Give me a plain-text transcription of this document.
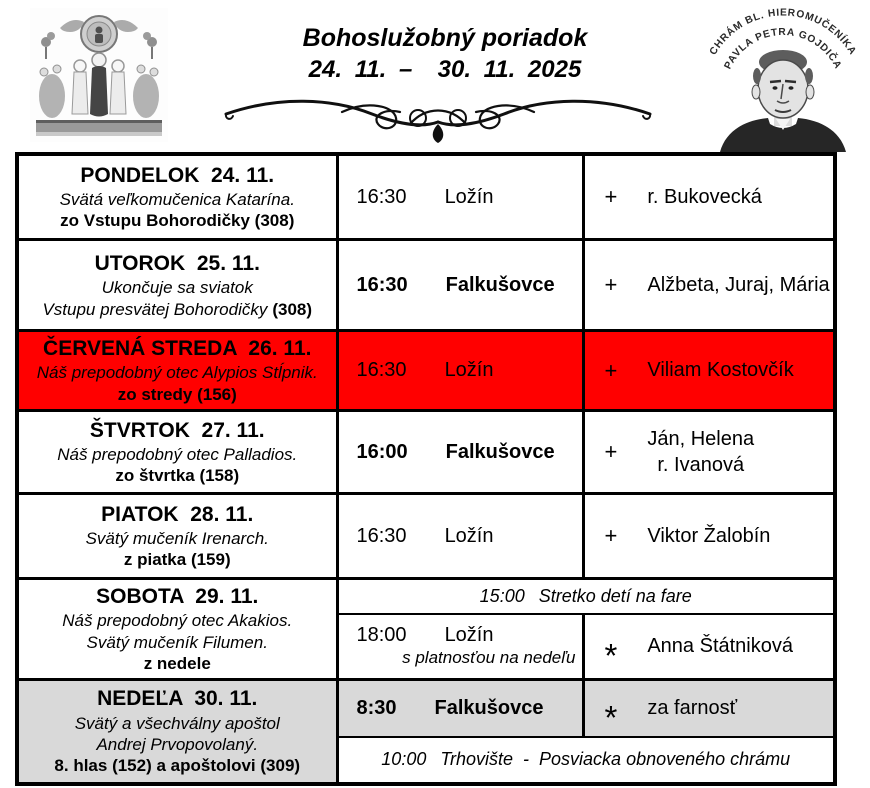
Bohoslužobný poriadok
24. 11. –  30. 11. 2025
CHRÁM BL. HIEROMUČENÍKA
PAVLA PETRA GOJDIČA
PONDELOK  24. 11.
Svätá veľkomučenica Katarína.
zo Vstupu Bohorodičky (308)

16:30 Ložín	+ r. Bukovecká

UTOROK  25. 11.
Ukončuje sa sviatok
Vstupu presvätej Bohorodičky (308)

16:30 Falkušovce	+ Alžbeta, Juraj, Mária

ČERVENÁ STREDA  26. 11.
Náš prepodobný otec Alypios Stĺpnik.
zo stredy (156)

16:30 Ložín	+ Viliam Kostovčík

ŠTVRTOK  27. 11.
Náš prepodobný otec Palladios.
zo štvrtka (158)

16:00 Falkušovce	+ Ján, Helena
r. Ivanová

PIATOK  28. 11.
Svätý mučeník Irenarch.
z piatka (159)

16:30 Ložín	+ Viktor Žalobín

SOBOTA  29. 11.
Náš prepodobný otec Akakios.
Svätý mučeník Filumen.
z nedele	15:00 Stretko detí na fare	

18:00 Ložín
s platnosťou na nedeľu	* Anna Štátniková

NEDEĽA  30. 11.
Svätý a všechválny apoštol
Andrej Prvopovolaný.
8. hlas (152) a apoštolovi (309)

8:30 Falkušovce	* za farnosť

	10:00 Trhovište  -  Posviacka obnoveného chrámu	
